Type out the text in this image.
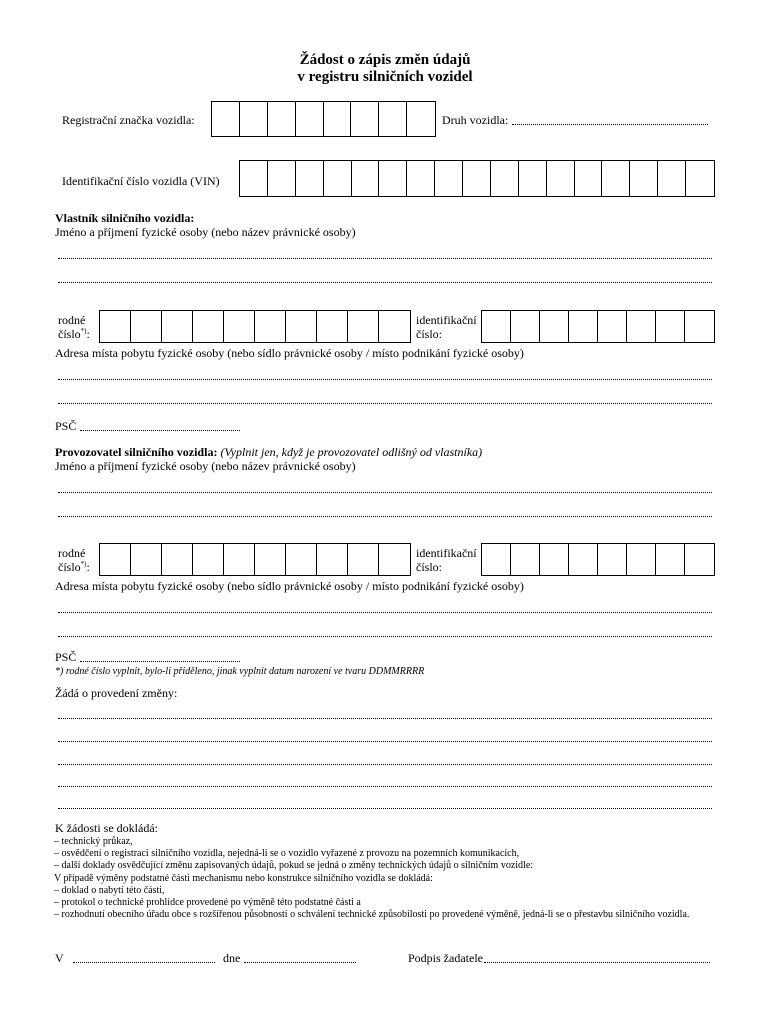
Žádost o zápis změn údajů
v registru silničních vozidel
Registrační značka vozidla:	Druh vozidla:
Identifikační číslo vozidla (VIN)
Vlastník silničního vozidla:
Jméno a příjmení fyzické osoby (nebo název právnické osoby)
rodné
číslo*):
identifikační
číslo:
Adresa místa pobytu fyzické osoby (nebo sídlo právnické osoby / místo podnikání fyzické osoby)
PSČ
Provozovatel silničního vozidla: (Vyplnit jen, když je provozovatel odlišný od vlastníka)
Jméno a příjmení fyzické osoby (nebo název právnické osoby)
rodné
číslo*):
identifikační
číslo:
Adresa místa pobytu fyzické osoby (nebo sídlo právnické osoby / místo podnikání fyzické osoby)
PSČ
*) rodné číslo vyplnit, bylo-li přiděleno, jinak vyplnit datum narození ve tvaru DDMMRRRR
Žádá o provedení změny:
K žádosti se dokládá:
– technický průkaz,
– osvědčení o registraci silničního vozidla, nejedná-li se o vozidlo vyřazené z provozu na pozemních komunikacích,
– další doklady osvědčující změnu zapisovaných údajů, pokud se jedná o změny technických údajů o silničním vozidle:
V případě výměny podstatné části mechanismu nebo konstrukce silničního vozidla se dokládá:
– doklad o nabytí této části,
– protokol o technické prohlídce provedené po výměně této podstatné části a
– rozhodnutí obecního úřadu obce s rozšířenou působností o schválení technické způsobilosti po provedené výměně, jedná-li se o přestavbu silničního vozidla.
V	dne	Podpis žadatele
